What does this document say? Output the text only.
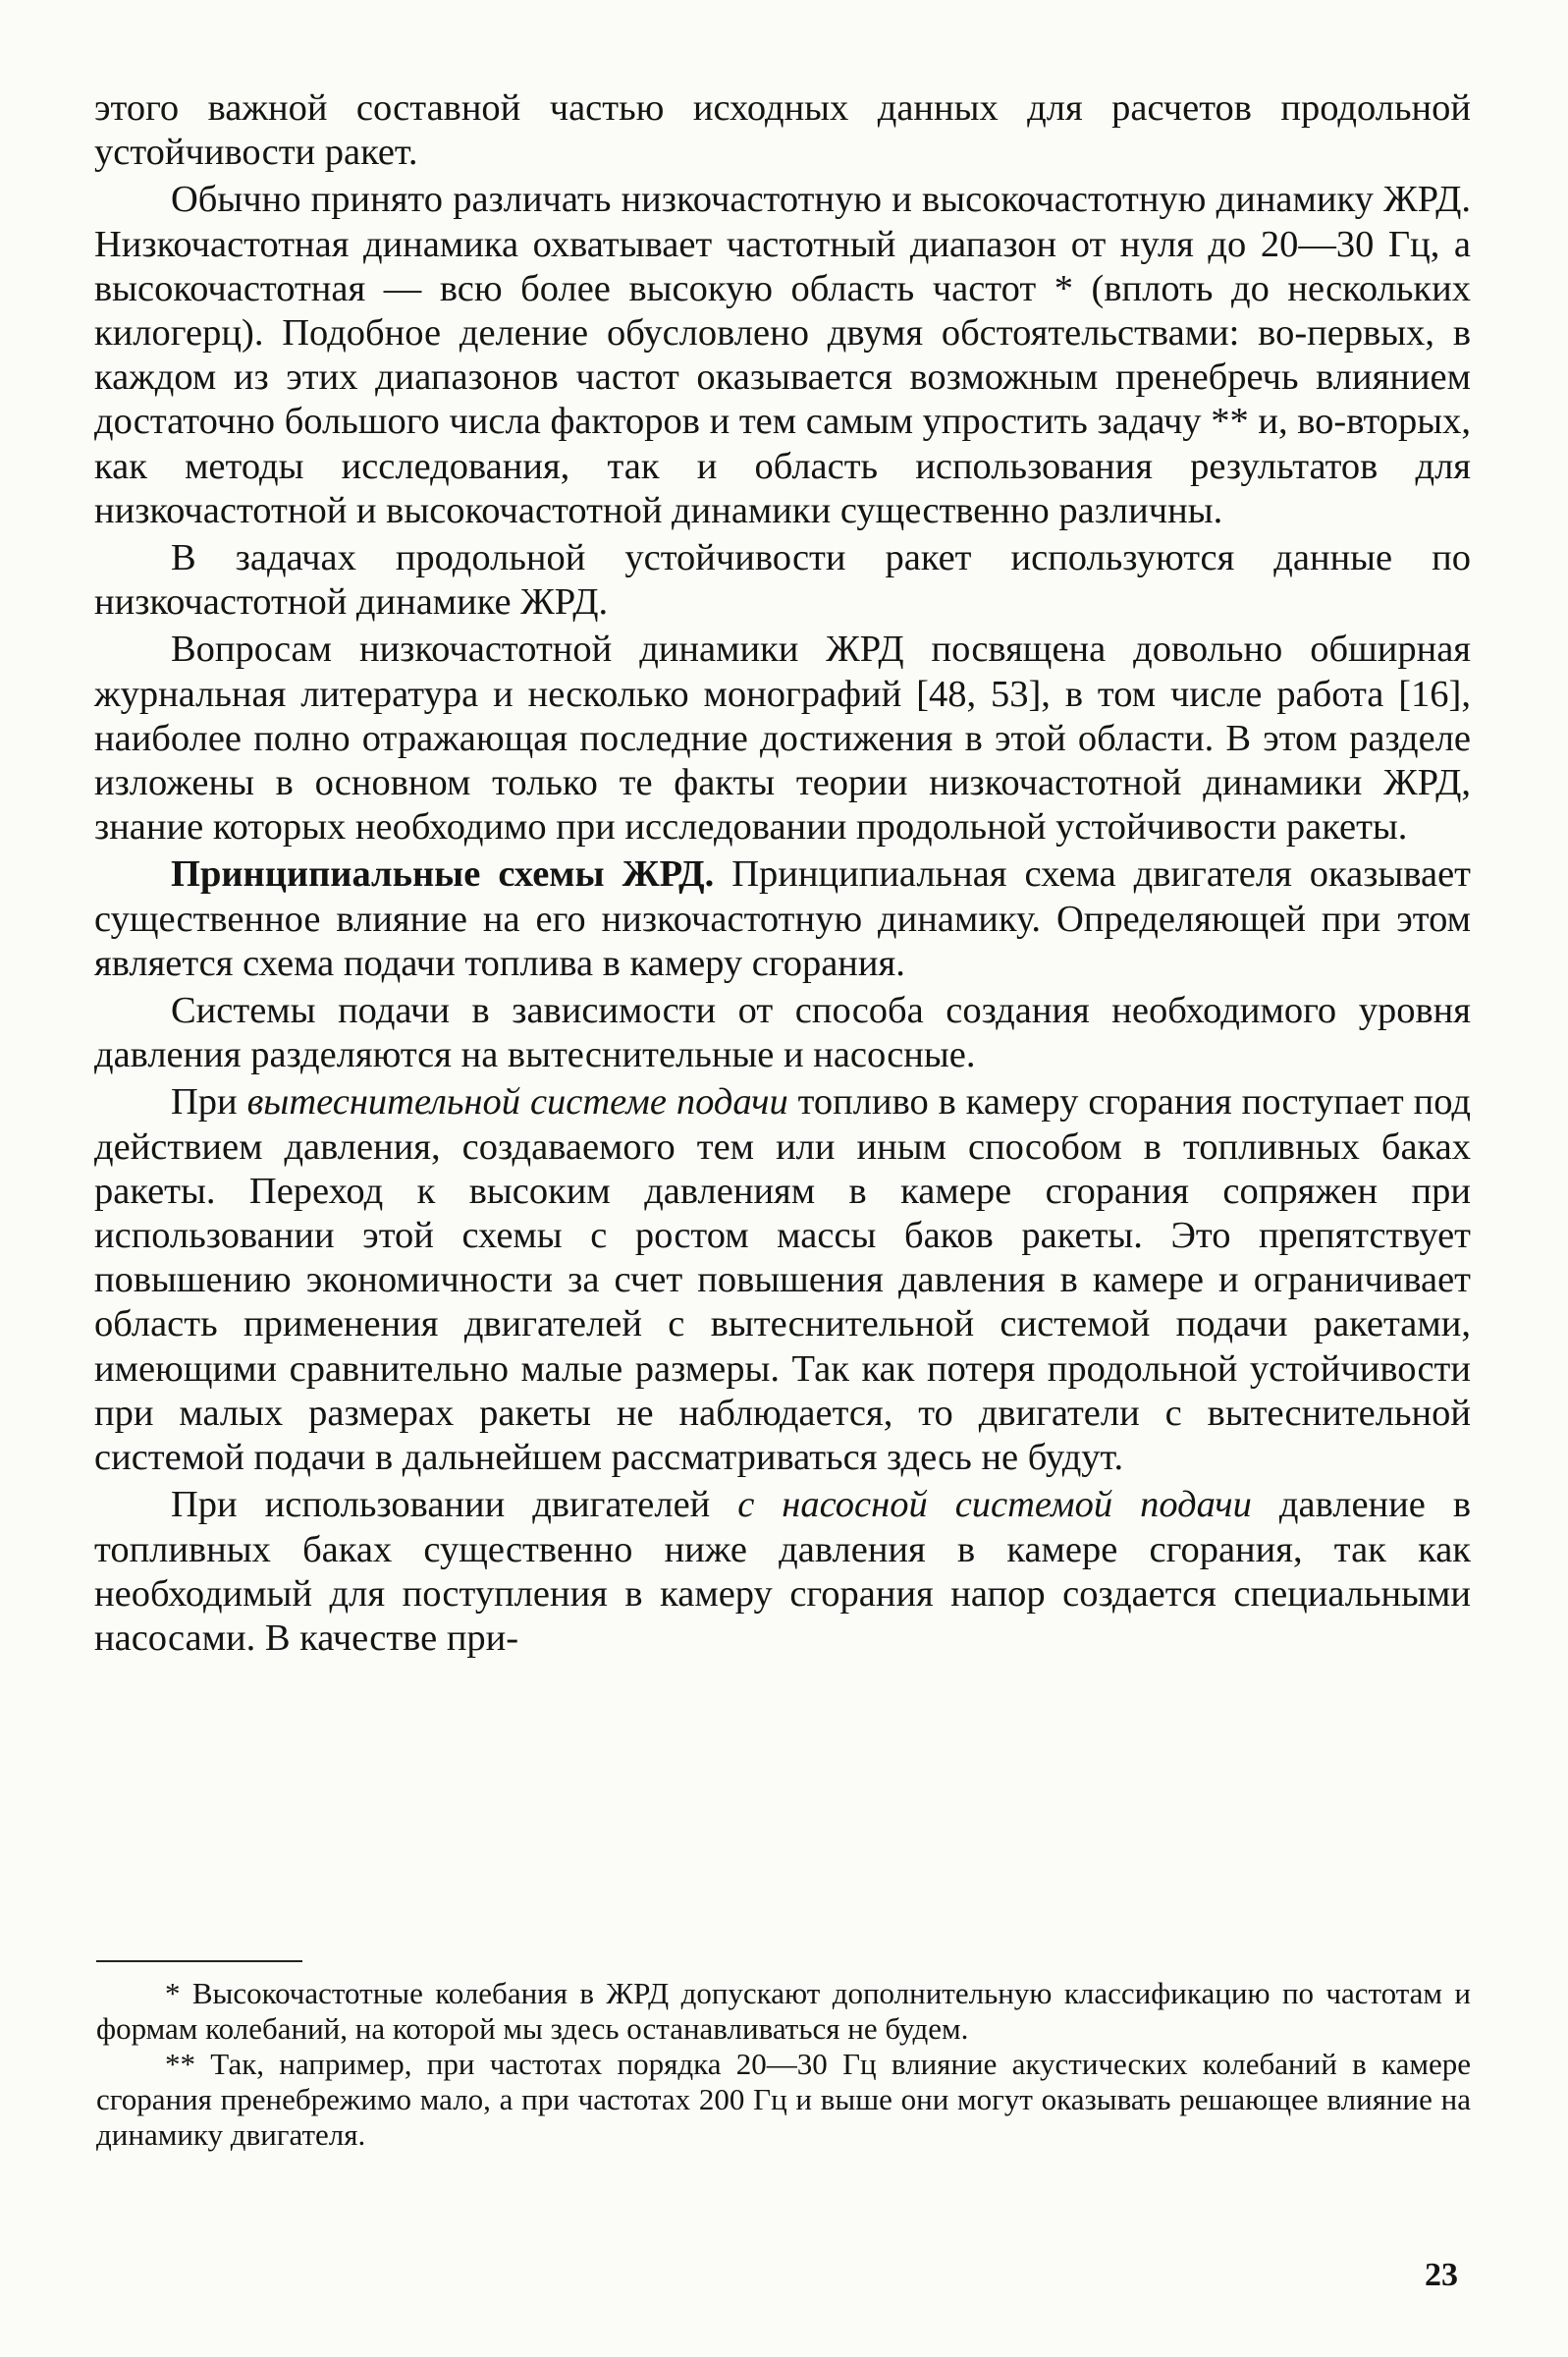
этого важной составной частью исходных данных для расчетов продольной устойчивости ракет.

Обычно принято различать низкочастотную и высокочастотную динамику ЖРД. Низкочастотная динамика охватывает частотный диапазон от нуля до 20—30 Гц, а высокочастотная — всю более высокую область частот * (вплоть до нескольких килогерц). Подобное деление обусловлено двумя обстоятельствами: во-первых, в каждом из этих диапазонов частот оказывается возможным пренебречь влиянием достаточно большого числа факторов и тем самым упростить задачу ** и, во-вторых, как методы исследования, так и область использования результатов для низкочастотной и высокочастотной динамики существенно различны.

В задачах продольной устойчивости ракет используются данные по низкочастотной динамике ЖРД.

Вопросам низкочастотной динамики ЖРД посвящена довольно обширная журнальная литература и несколько монографий [48, 53], в том числе работа [16], наиболее полно отражающая последние достижения в этой области. В этом разделе изложены в основном только те факты теории низкочастотной динамики ЖРД, знание которых необходимо при исследовании продольной устойчивости ракеты.

Принципиальные схемы ЖРД. Принципиальная схема двигателя оказывает существенное влияние на его низкочастотную динамику. Определяющей при этом является схема подачи топлива в камеру сгорания.

Системы подачи в зависимости от способа создания необходимого уровня давления разделяются на вытеснительные и насосные.

При вытеснительной системе подачи топливо в камеру сгорания поступает под действием давления, создаваемого тем или иным способом в топливных баках ракеты. Переход к высоким давлениям в камере сгорания сопряжен при использовании этой схемы с ростом массы баков ракеты. Это препятствует повышению экономичности за счет повышения давления в камере и ограничивает область применения двигателей с вытеснительной системой подачи ракетами, имеющими сравнительно малые размеры. Так как потеря продольной устойчивости при малых размерах ракеты не наблюдается, то двигатели с вытеснительной системой подачи в дальнейшем рассматриваться здесь не будут.

При использовании двигателей с насосной системой подачи давление в топливных баках существенно ниже давления в камере сгорания, так как необходимый для поступления в камеру сгорания напор создается специальными насосами. В качестве при-

* Высокочастотные колебания в ЖРД допускают дополнительную классификацию по частотам и формам колебаний, на которой мы здесь останавливаться не будем.

** Так, например, при частотах порядка 20—30 Гц влияние акустических колебаний в камере сгорания пренебрежимо мало, а при частотах 200 Гц и выше они могут оказывать решающее влияние на динамику двигателя.

23
